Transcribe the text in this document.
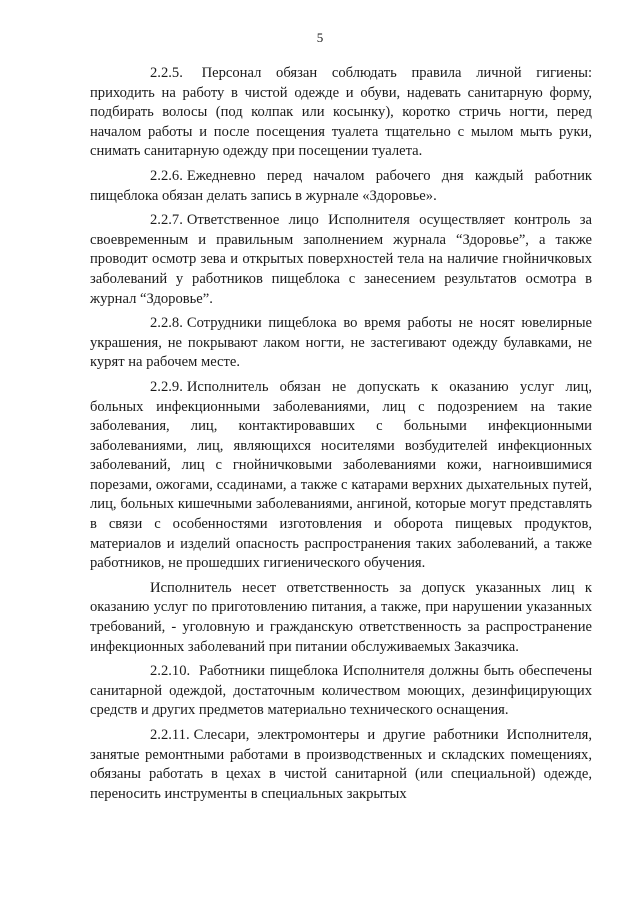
5

2.2.5. Персонал обязан соблюдать правила личной гигиены: приходить на работу в чистой одежде и обуви, надевать санитарную форму, подбирать волосы (под колпак или косынку), коротко стричь ногти, перед началом работы и после посещения туалета тщательно с мылом мыть руки, снимать санитарную одежду при посещении туалета.

2.2.6. Ежедневно перед началом рабочего дня каждый работник пищеблока обязан делать запись в журнале «Здоровье».

2.2.7. Ответственное лицо Исполнителя осуществляет контроль за своевременным и правильным заполнением журнала “Здоровье”, а также проводит осмотр зева и открытых поверхностей тела на наличие гнойничковых заболеваний у работников пищеблока с занесением результатов осмотра в журнал “Здоровье”.

2.2.8. Сотрудники пищеблока во время работы не носят ювелирные украшения, не покрывают лаком ногти, не застегивают одежду булавками, не курят на рабочем месте.

2.2.9. Исполнитель обязан не допускать к оказанию услуг лиц, больных инфекционными заболеваниями, лиц с подозрением на такие заболевания, лиц, контактировавших с больными инфекционными заболеваниями, лиц, являющихся носителями возбудителей инфекционных заболеваний, лиц с гнойничковыми заболеваниями кожи, нагноившимися порезами, ожогами, ссадинами, а также с катарами верхних дыхательных путей, лиц, больных кишечными заболеваниями, ангиной, которые могут представлять в связи с особенностями изготовления и оборота пищевых продуктов, материалов и изделий опасность распространения таких заболеваний, а также работников, не прошедших гигиенического обучения.

Исполнитель несет ответственность за допуск указанных лиц к оказанию услуг по приготовлению питания, а также, при нарушении указанных требований, - уголовную и гражданскую ответственность за распространение инфекционных заболеваний при питании обслуживаемых Заказчика.

2.2.10. Работники пищеблока Исполнителя должны быть обеспечены санитарной одеждой, достаточным количеством моющих, дезинфицирующих средств и других предметов материально технического оснащения.

2.2.11. Слесари, электромонтеры и другие работники Исполнителя, занятые ремонтными работами в производственных и складских помещениях, обязаны работать в цехах в чистой санитарной (или специальной) одежде, переносить инструменты в специальных закрытых
